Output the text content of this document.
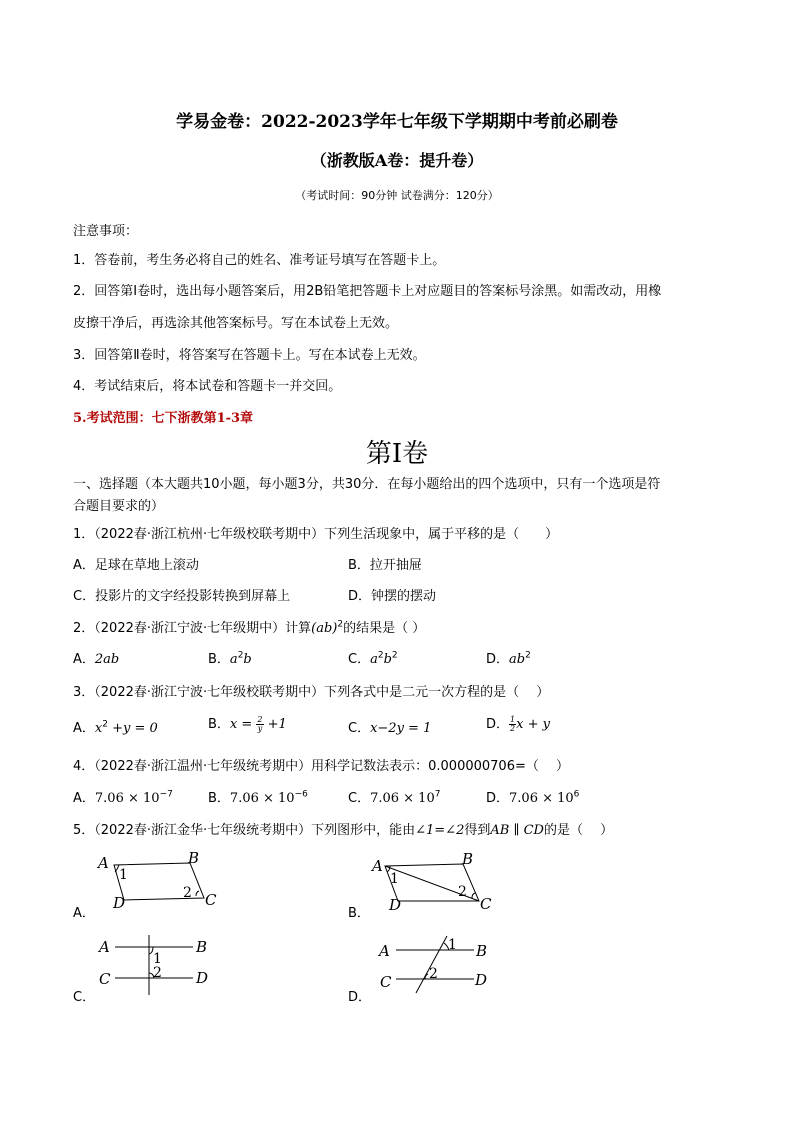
学易金卷：2022-2023学年七年级下学期期中考前必刷卷
（浙教版A卷：提升卷）
（考试时间：90分钟 试卷满分：120分）
注意事项：
1．答卷前，考生务必将自己的姓名、准考证号填写在答题卡上。
2．回答第Ⅰ卷时，选出每小题答案后，用2B铅笔把答题卡上对应题目的答案标号涂黑。如需改动，用橡
皮擦干净后，再选涂其他答案标号。写在本试卷上无效。
3．回答第Ⅱ卷时，将答案写在答题卡上。写在本试卷上无效。
4．考试结束后，将本试卷和答题卡一并交回。
5.考试范围：七下浙教第1-3章
第Ⅰ卷
一、选择题（本大题共10小题，每小题3分，共30分．在每小题给出的四个选项中，只有一个选项是符
合题目要求的）
1．（2022春·浙江杭州·七年级校联考期中）下列生活现象中，属于平移的是（　　）
A．足球在草地上滚动	B．拉开抽屉
C．投影片的文字经投影转换到屏幕上	D．钟摆的摆动
2．（2022春·浙江宁波·七年级期中）计算(ab)$^2$的结果是（ ）
A．2ab	B．$a^2b$	C．$a^2b^2$	D．$ab^2$
3．（2022春·浙江宁波·七年级校联考期中）下列各式中是二元一次方程的是（　 ）
A．$x^2 +y = 0$	B．$x = \frac{2}{y} +1$	C．x−2y = 1	D． $\frac{1}{2}$ x + y
4．（2022春·浙江温州·七年级统考期中）用科学记数法表示：0.000000706=（　 ）
A．$7.06 \times 10^{-7}$	B．$7.06 \times 10^{-6}$	C．$7.06 \times 10^7$	D．$7.06 \times 10^6$
5．（2022春·浙江金华·七年级统考期中）下列图形中，能由∠1=∠2得到AB ∥ CD的是（　 ）
A．
A	B
C
D
1
2
B．
A	B
C
D
1
2
C．
A	B
C	D
1
2
D．
A	B
C	D
1
2
